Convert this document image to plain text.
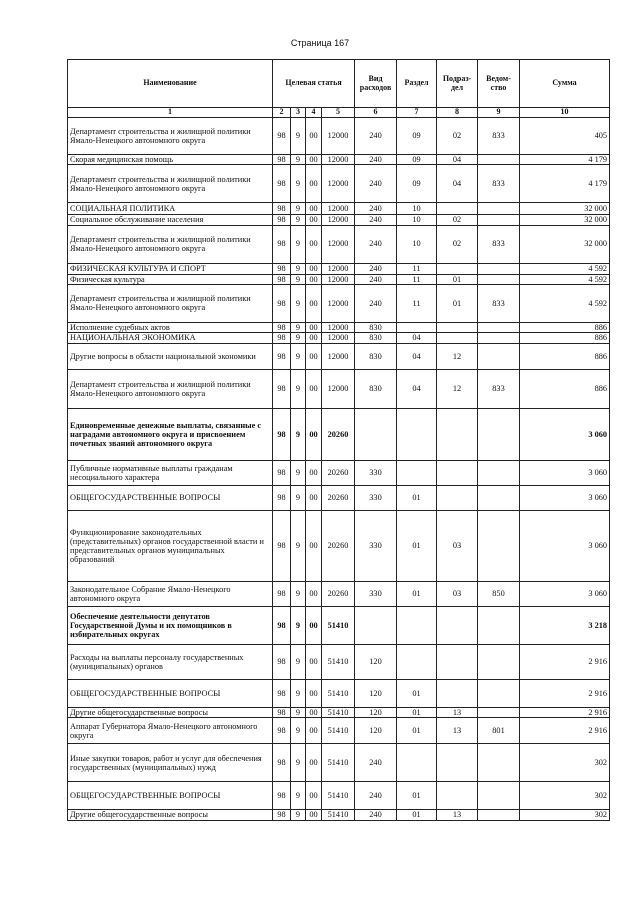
Страница 167
Наименование	Целевая статья				Вид расходов	Раздел	Подраз-дел	Ведом-ство	Сумма
1	2	3	4	5	6	7	8	9	10
Департамент строительства и жилищной политики Ямало-Ненецкого автономного округа	98	9	00	12000	240	09	02	833	405
Скорая медицинская помощь	98	9	00	12000	240	09	04		4 179
Департамент строительства и жилищной политики Ямало-Ненецкого автономного округа	98	9	00	12000	240	09	04	833	4 179
СОЦИАЛЬНАЯ ПОЛИТИКА	98	9	00	12000	240	10			32 000
Социальное обслуживание населения	98	9	00	12000	240	10	02		32 000
Департамент строительства и жилищной политики Ямало-Ненецкого автономного округа	98	9	00	12000	240	10	02	833	32 000
ФИЗИЧЕСКАЯ КУЛЬТУРА И СПОРТ	98	9	00	12000	240	11			4 592
Физическая культура	98	9	00	12000	240	11	01		4 592
Департамент строительства и жилищной политики Ямало-Ненецкого автономного округа	98	9	00	12000	240	11	01	833	4 592
Исполнение судебных актов	98	9	00	12000	830				886
НАЦИОНАЛЬНАЯ ЭКОНОМИКА	98	9	00	12000	830	04			886
Другие вопросы в области национальной экономики	98	9	00	12000	830	04	12		886
Департамент строительства и жилищной политики Ямало-Ненецкого автономного округа	98	9	00	12000	830	04	12	833	886
Единовременные денежные выплаты, связанные с наградами автономного округа и присвоением почетных званий автономного округа	98	9	00	20260					3 060
Публичные нормативные выплаты гражданам несоциального характера	98	9	00	20260	330				3 060
ОБЩЕГОСУДАРСТВЕННЫЕ ВОПРОСЫ	98	9	00	20260	330	01			3 060
Функционирование законодательных (представительных) органов государственной власти и представительных органов муниципальных образований	98	9	00	20260	330	01	03		3 060
Законодательное Собрание Ямало-Ненецкого автономного округа	98	9	00	20260	330	01	03	850	3 060
Обеспечение деятельности депутатов Государственной Думы и их помощников в избирательных округах	98	9	00	51410					3 218
Расходы на выплаты персоналу государственных (муниципальных) органов	98	9	00	51410	120				2 916
ОБЩЕГОСУДАРСТВЕННЫЕ ВОПРОСЫ	98	9	00	51410	120	01			2 916
Другие общегосударственные вопросы	98	9	00	51410	120	01	13		2 916
Аппарат Губернатора Ямало-Ненецкого автономного округа	98	9	00	51410	120	01	13	801	2 916
Иные закупки товаров, работ и услуг для обеспечения государственных (муниципальных) нужд	98	9	00	51410	240				302
ОБЩЕГОСУДАРСТВЕННЫЕ ВОПРОСЫ	98	9	00	51410	240	01			302
Другие общегосударственные вопросы	98	9	00	51410	240	01	13		302
